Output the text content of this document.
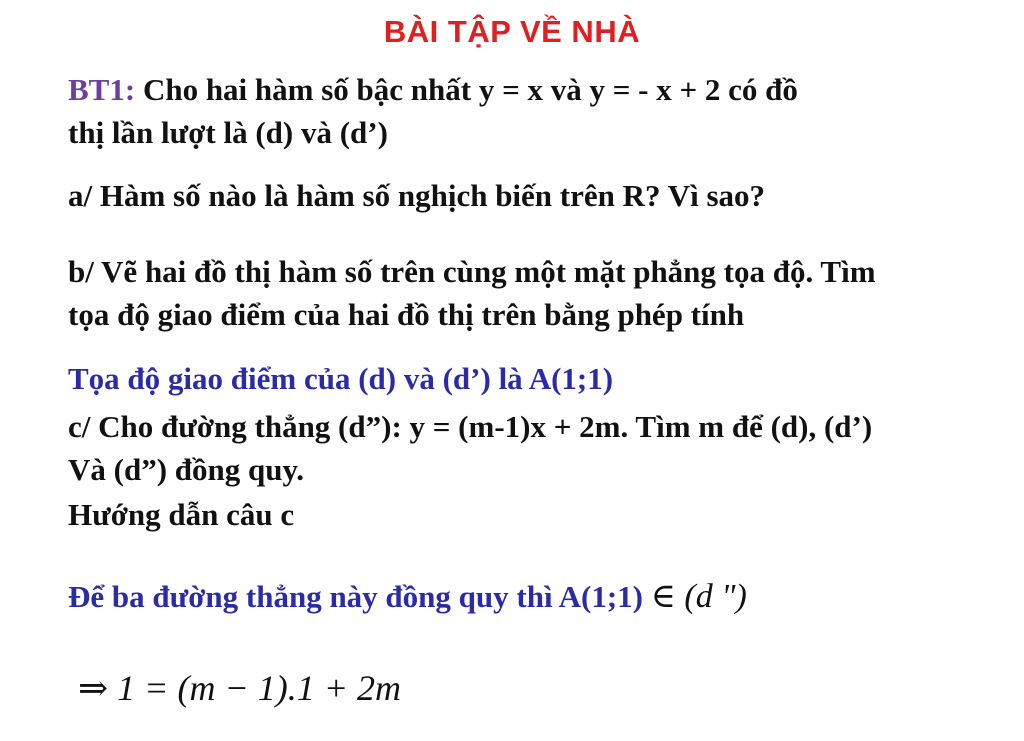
BÀI TẬP VỀ NHÀ
BT1: Cho hai hàm số bậc nhất y = x và y = - x + 2 có đồ
thị lần lượt là (d) và (d’)
a/ Hàm số nào là hàm số nghịch biến trên R? Vì sao?
b/ Vẽ hai đồ thị hàm số trên cùng một mặt phẳng tọa độ. Tìm
tọa độ giao điểm của hai đồ thị trên bằng phép tính
Tọa độ giao điểm của (d) và (d’) là A(1;1)
c/ Cho đường thẳng (d”): y = (m-1)x + 2m. Tìm m để (d), (d’)
Và (d”) đồng quy.
Hướng dẫn câu c
Để ba đường thẳng này đồng quy thì A(1;1) ∈ (d ")
⇒ 1 = (m − 1).1 + 2m
